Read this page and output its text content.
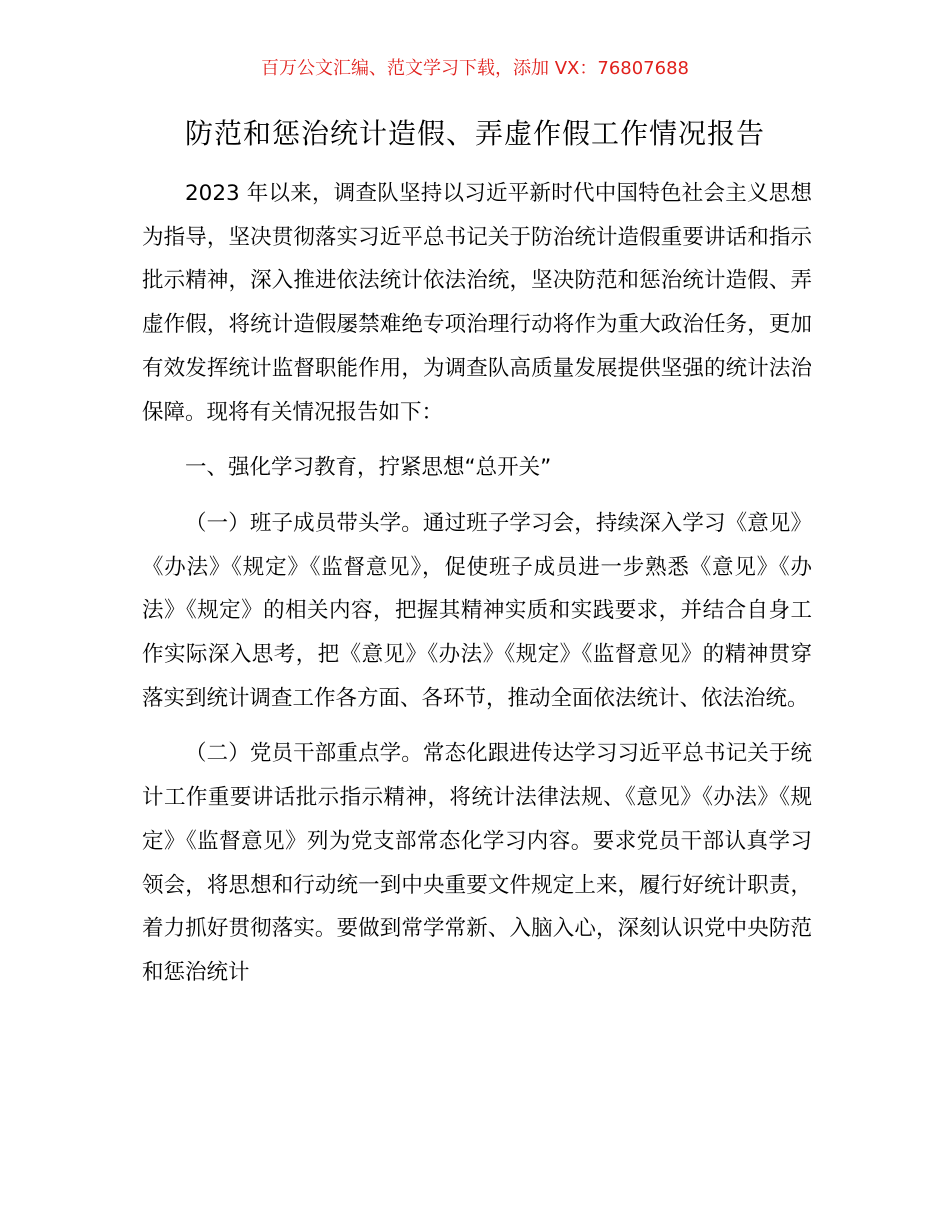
百万公文汇编、范文学习下载，添加 VX：76807688
防范和惩治统计造假、弄虚作假工作情况报告

2023 年以来，调查队坚持以习近平新时代中国特色社会主义思想为指导，坚决贯彻落实习近平总书记关于防治统计造假重要讲话和指示批示精神，深入推进依法统计依法治统，坚决防范和惩治统计造假、弄虚作假，将统计造假屡禁难绝专项治理行动将作为重大政治任务，更加有效发挥统计监督职能作用，为调查队高质量发展提供坚强的统计法治保障。现将有关情况报告如下：

一、强化学习教育，拧紧思想“总开关”

（一）班子成员带头学。通过班子学习会，持续深入学习《意见》《办法》《规定》《监督意见》，促使班子成员进一步熟悉《意见》《办法》《规定》的相关内容，把握其精神实质和实践要求，并结合自身工作实际深入思考，把《意见》《办法》《规定》《监督意见》的精神贯穿落实到统计调查工作各方面、各环节，推动全面依法统计、依法治统。

（二）党员干部重点学。常态化跟进传达学习习近平总书记关于统计工作重要讲话批示指示精神，将统计法律法规、《意见》《办法》《规定》《监督意见》列为党支部常态化学习内容。要求党员干部认真学习领会，将思想和行动统一到中央重要文件规定上来，履行好统计职责，着力抓好贯彻落实。要做到常学常新、入脑入心，深刻认识党中央防范和惩治统计
